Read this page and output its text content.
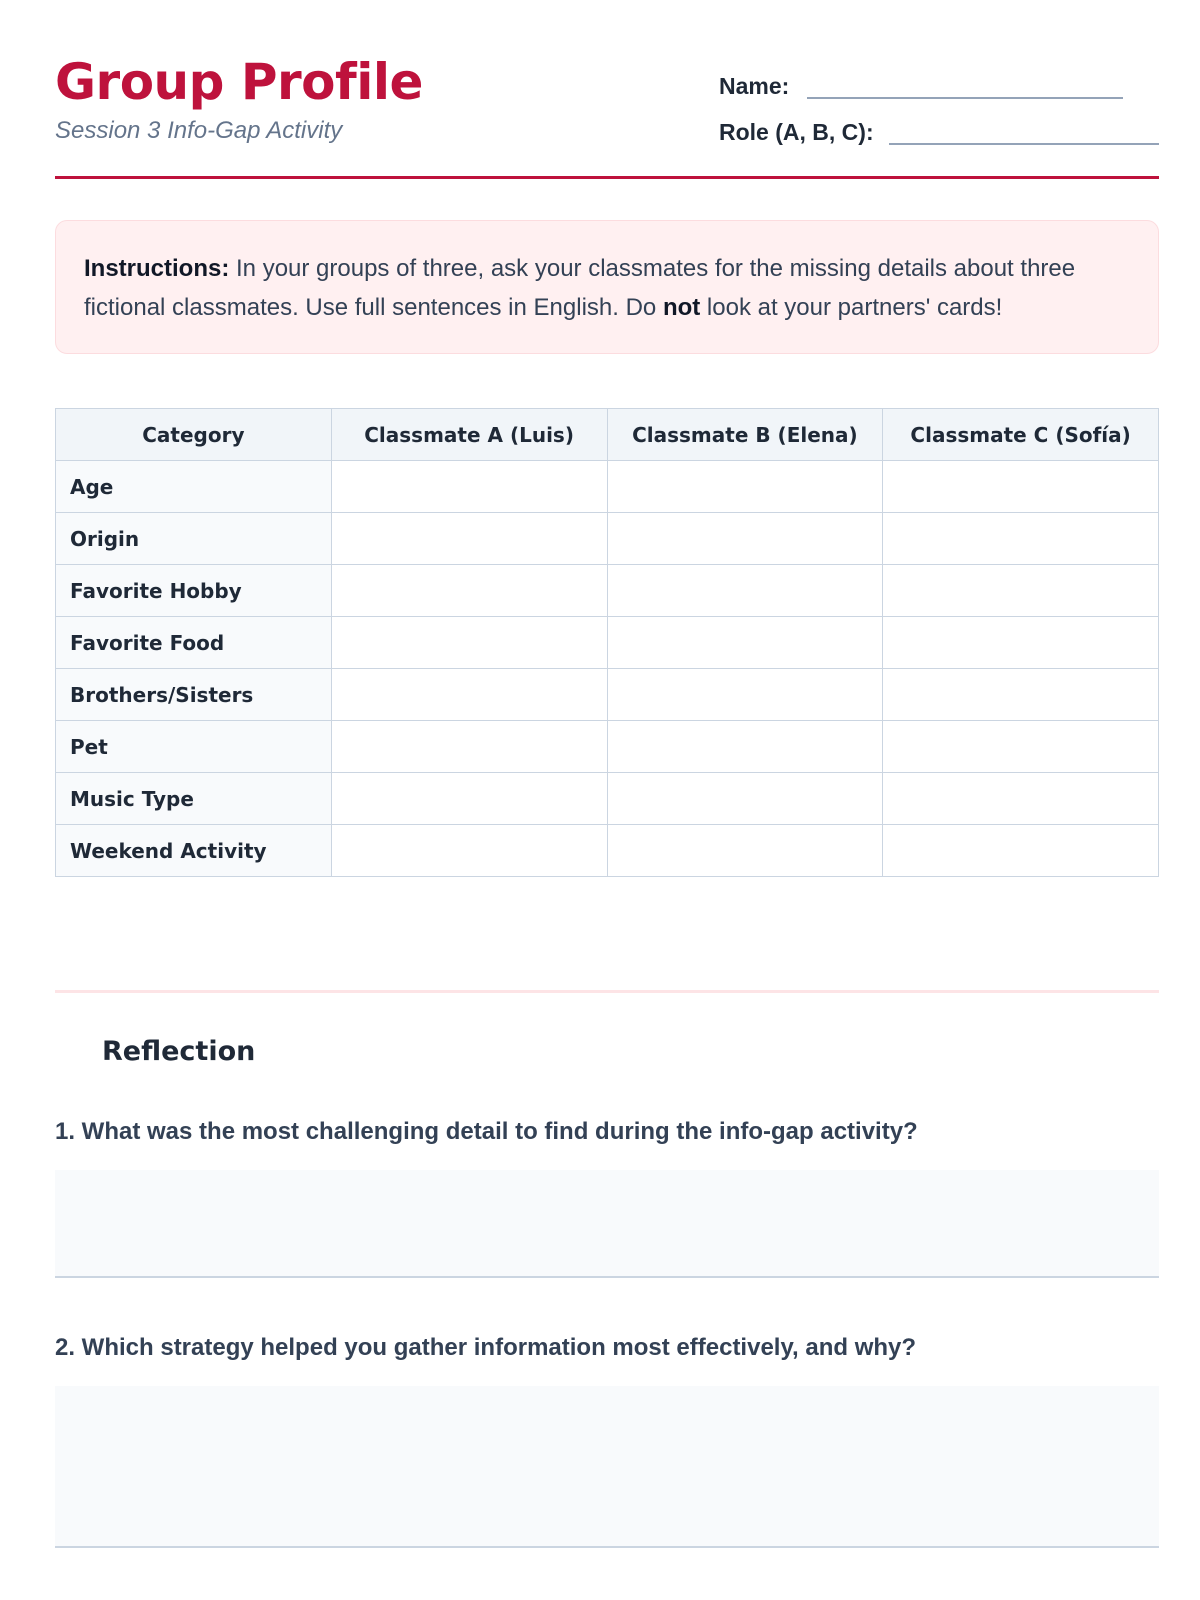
Group Profile
Session 3 Info-Gap Activity
Name:
Role (A, B, C):
Instructions: In your groups of three, ask your classmates for the missing details about three fictional classmates. Use full sentences in English. Do not look at your partners' cards!
Category	Classmate A (Luis)	Classmate B (Elena)	Classmate C (Sofía)
Age			
Origin			
Favorite Hobby			
Favorite Food			
Brothers/Sisters			
Pet			
Music Type			
Weekend Activity			
Reflection

1. What was the most challenging detail to find during the info-gap activity?

2. Which strategy helped you gather information most effectively, and why?
